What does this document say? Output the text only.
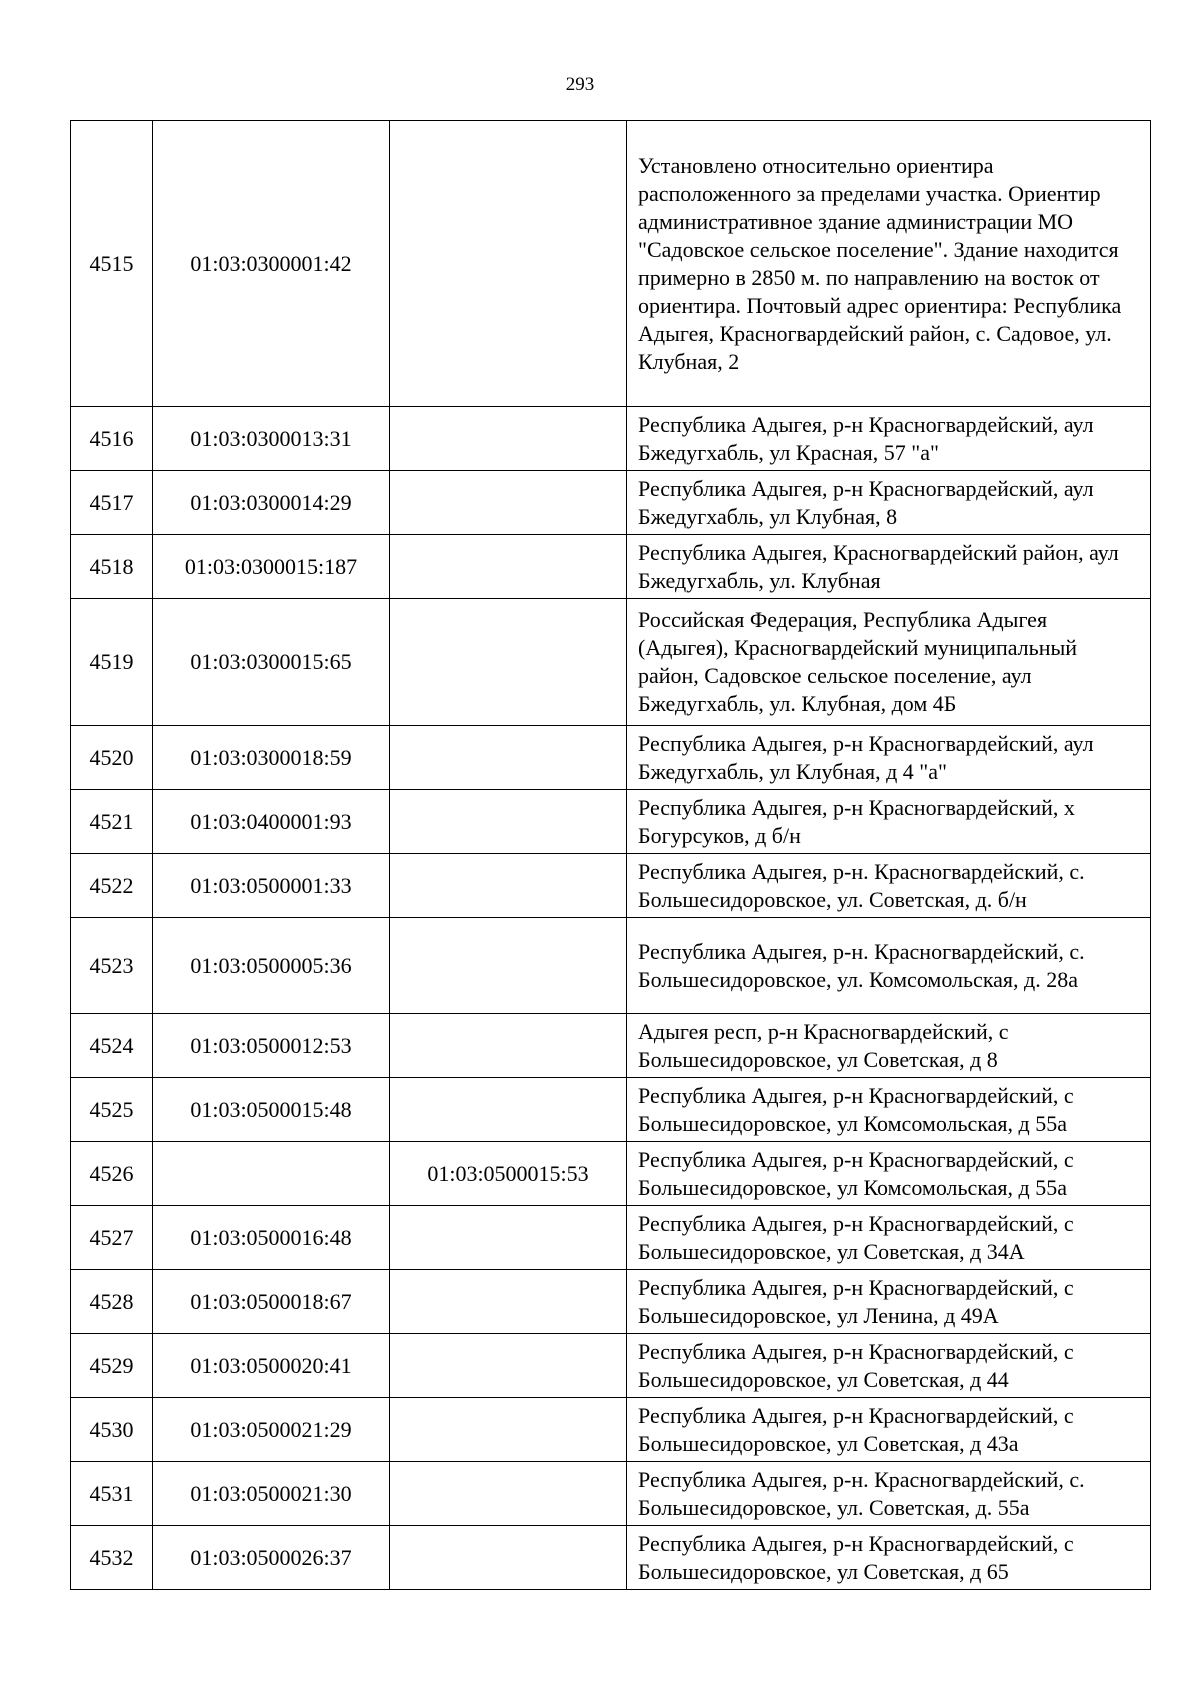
293
4515	01:03:0300001:42		Установлено относительно ориентира расположенного за пределами участка. Ориентир административное здание администрации МО "Садовское сельское поселение". Здание находится примерно в 2850 м. по направлению на восток от ориентира. Почтовый адрес ориентира: Республика Адыгея, Красногвардейский район, с. Садовое, ул. Клубная, 2
4516	01:03:0300013:31		Республика Адыгея, р-н Красногвардейский, аул Бжедугхабль, ул Красная, 57 "а"
4517	01:03:0300014:29		Республика Адыгея, р-н Красногвардейский, аул Бжедугхабль, ул Клубная, 8
4518	01:03:0300015:187		Республика Адыгея, Красногвардейский район, аул Бжедугхабль, ул. Клубная
4519	01:03:0300015:65		Российская Федерация, Республика Адыгея (Адыгея), Красногвардейский муниципальный район, Садовское сельское поселение, аул Бжедугхабль, ул. Клубная, дом 4Б
4520	01:03:0300018:59		Республика Адыгея, р-н Красногвардейский, аул Бжедугхабль, ул Клубная, д 4 "а"
4521	01:03:0400001:93		Республика Адыгея, р-н Красногвардейский, х Богурсуков, д б/н
4522	01:03:0500001:33		Республика Адыгея, р-н. Красногвардейский, с. Большесидоровское, ул. Советская, д. б/н
4523	01:03:0500005:36		Республика Адыгея, р-н. Красногвардейский, с. Большесидоровское, ул. Комсомольская, д. 28а
4524	01:03:0500012:53		Адыгея респ, р-н Красногвардейский, с Большесидоровское, ул Советская, д 8
4525	01:03:0500015:48		Республика Адыгея, р-н Красногвардейский, с Большесидоровское, ул Комсомольская, д 55а
4526		01:03:0500015:53	Республика Адыгея, р-н Красногвардейский, с Большесидоровское, ул Комсомольская, д 55а
4527	01:03:0500016:48		Республика Адыгея, р-н Красногвардейский, с Большесидоровское, ул Советская, д 34А
4528	01:03:0500018:67		Республика Адыгея, р-н Красногвардейский, с Большесидоровское, ул Ленина, д 49А
4529	01:03:0500020:41		Республика Адыгея, р-н Красногвардейский, с Большесидоровское, ул Советская, д 44
4530	01:03:0500021:29		Республика Адыгея, р-н Красногвардейский, с Большесидоровское, ул Советская, д 43а
4531	01:03:0500021:30		Республика Адыгея, р-н. Красногвардейский, с. Большесидоровское, ул. Советская, д. 55а
4532	01:03:0500026:37		Республика Адыгея, р-н Красногвардейский, с Большесидоровское, ул Советская, д 65
